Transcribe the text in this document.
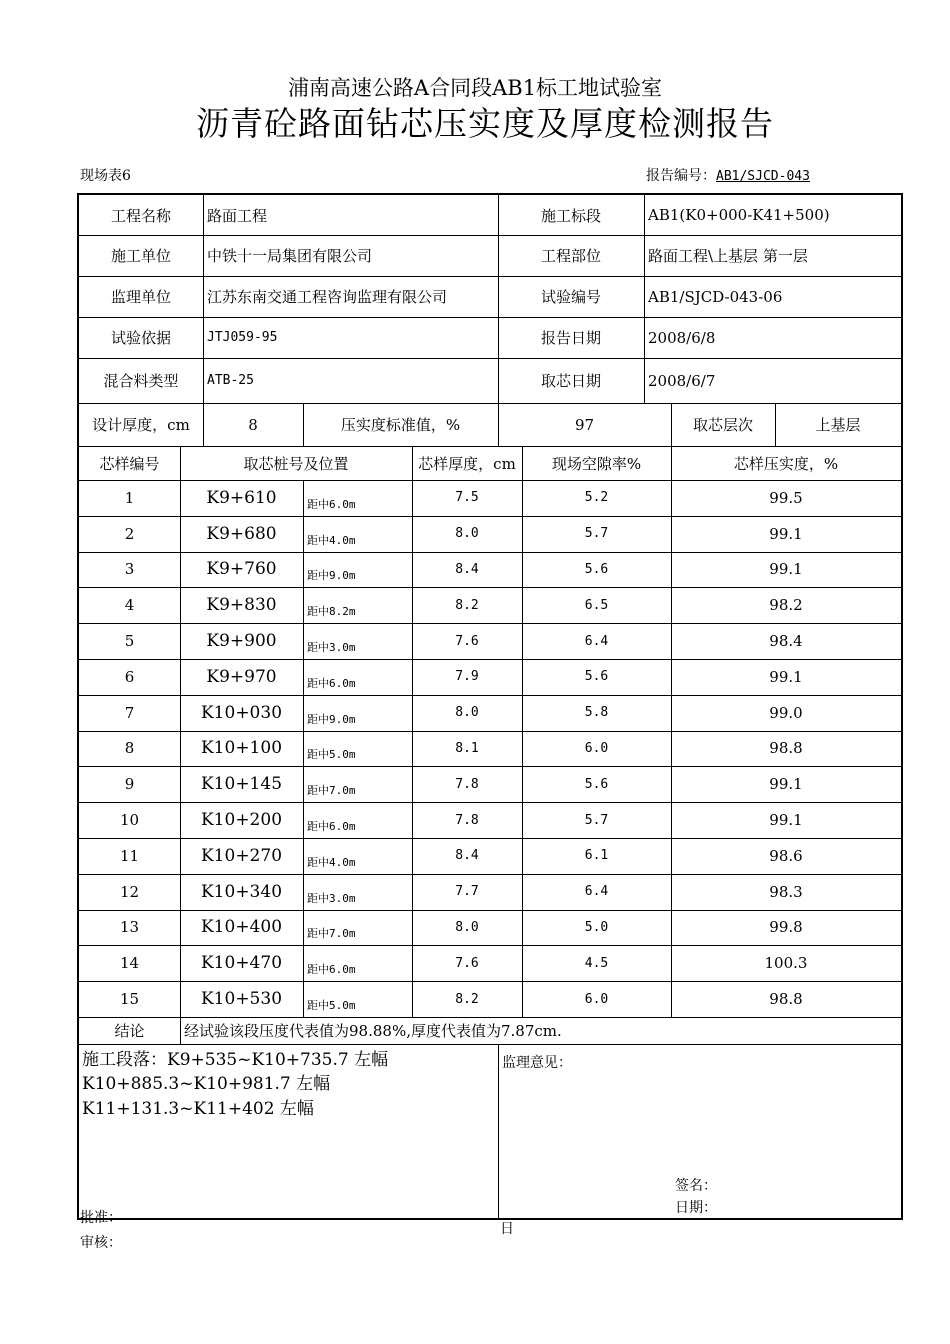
浦南高速公路A合同段AB1标工地试验室
沥青砼路面钻芯压实度及厚度检测报告
现场表6	报告编号：AB1/SJCD-043
工程名称	路面工程	施工标段	AB1(K0+000-K41+500)
施工单位	中铁十一局集团有限公司	工程部位	路面工程\上基层 第一层
监理单位	江苏东南交通工程咨询监理有限公司	试验编号	AB1/SJCD-043-06
试验依据	JTJ059-95	报告日期	2008/6/8
混合料类型	ATB-25	取芯日期	2008/6/7
设计厚度，cm	8	压实度标准值，%	97	取芯层次	上基层
芯样编号	取芯桩号及位置	芯样厚度，cm	现场空隙率%	芯样压实度，%
1	K9+610	距中6.0m	7.5	5.2	99.5
2	K9+680	距中4.0m	8.0	5.7	99.1
3	K9+760	距中9.0m	8.4	5.6	99.1
4	K9+830	距中8.2m	8.2	6.5	98.2
5	K9+900	距中3.0m	7.6	6.4	98.4
6	K9+970	距中6.0m	7.9	5.6	99.1
7	K10+030	距中9.0m	8.0	5.8	99.0
8	K10+100	距中5.0m	8.1	6.0	98.8
9	K10+145	距中7.0m	7.8	5.6	99.1
10	K10+200	距中6.0m	7.8	5.7	99.1
11	K10+270	距中4.0m	8.4	6.1	98.6
12	K10+340	距中3.0m	7.7	6.4	98.3
13	K10+400	距中7.0m	8.0	5.0	99.8
14	K10+470	距中6.0m	7.6	4.5	100.3
15	K10+530	距中5.0m	8.2	6.0	98.8
结论	经试验该段压度代表值为98.88%,厚度代表值为7.87cm.
施工段落：K9+535~K10+735.7 左幅
K10+885.3~K10+981.7 左幅
K11+131.3~K11+402 左幅
监理意见：
签名：
日期：
批准：
审核：
日
